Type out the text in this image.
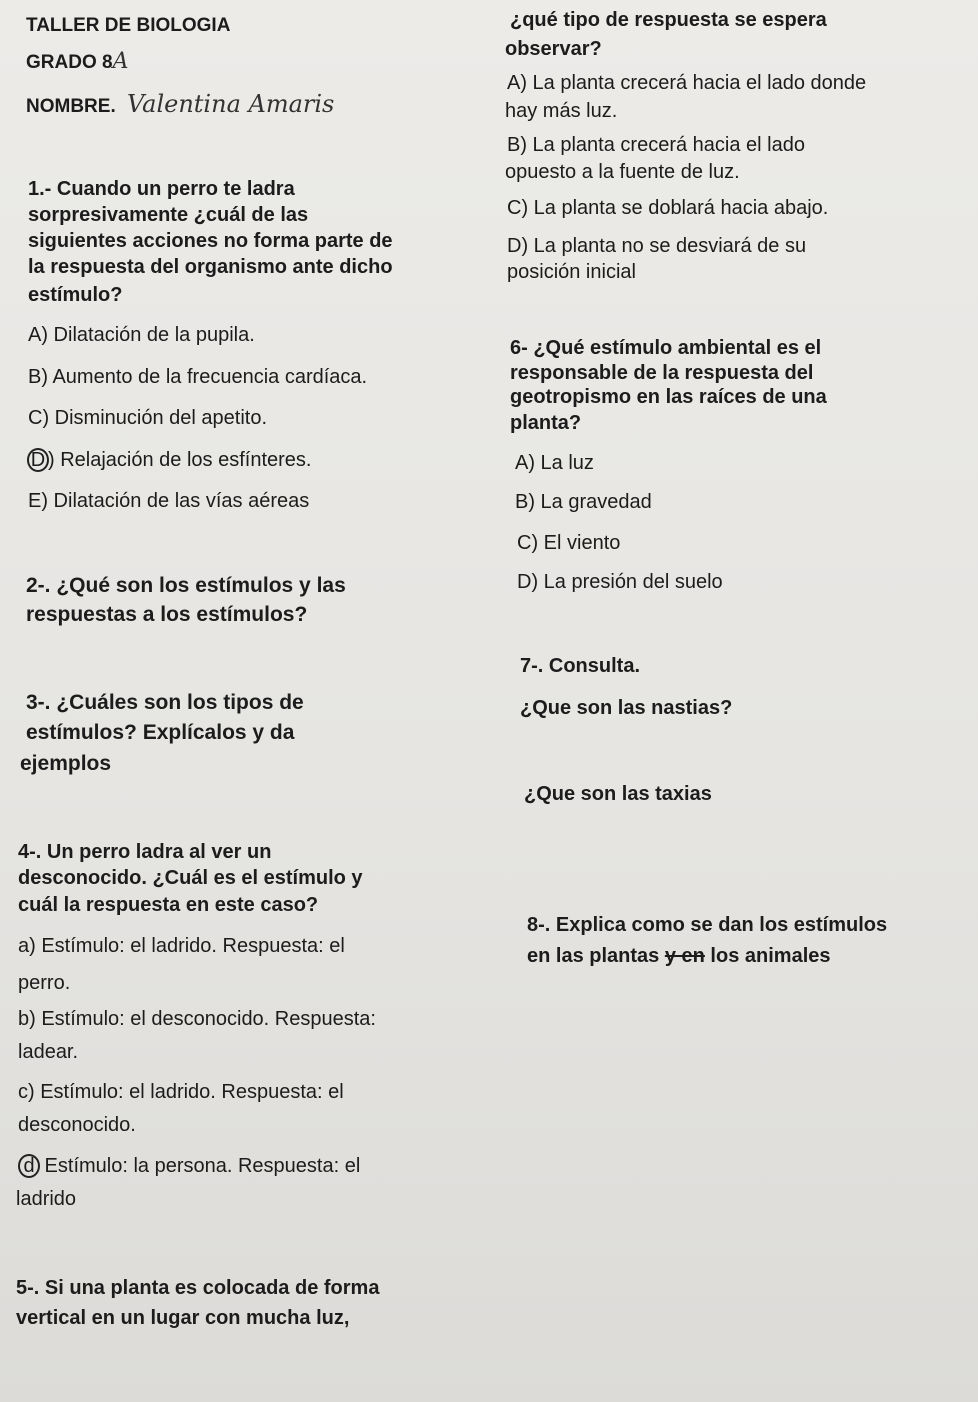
TALLER DE BIOLOGIA
GRADO 8A
NOMBRE. Valentina Amaris
1.- Cuando un perro te ladra
sorpresivamente ¿cuál de las
siguientes acciones no forma parte de
la respuesta del organismo ante dicho
estímulo?
A) Dilatación de la pupila.
B) Aumento de la frecuencia cardíaca.
C) Disminución del apetito.
D ) Relajación de los esfínteres.
E) Dilatación de las vías aéreas
2-. ¿Qué son los estímulos y las
respuestas a los estímulos?
3-. ¿Cuáles son los tipos de
estímulos? Explícalos y da
ejemplos
4-. Un perro ladra al ver un
desconocido. ¿Cuál es el estímulo y
cuál la respuesta en este caso?
a) Estímulo: el ladrido. Respuesta: el
perro.
b) Estímulo: el desconocido. Respuesta:
ladear.
c) Estímulo: el ladrido. Respuesta: el
desconocido.
d Estímulo: la persona. Respuesta: el
ladrido
5-. Si una planta es colocada de forma
vertical en un lugar con mucha luz,
¿qué tipo de respuesta se espera
observar?
A) La planta crecerá hacia el lado donde
hay más luz.
B) La planta crecerá hacia el lado
opuesto a la fuente de luz.
C) La planta se doblará hacia abajo.
D) La planta no se desviará de su
posición inicial
6- ¿Qué estímulo ambiental es el
responsable de la respuesta del
geotropismo en las raíces de una
planta?
A) La luz
B) La gravedad
C) El viento
D) La presión del suelo
7-. Consulta.
¿Que son las nastias?
¿Que son las taxias
8-. Explica como se dan los estímulos
en las plantas y en los animales
